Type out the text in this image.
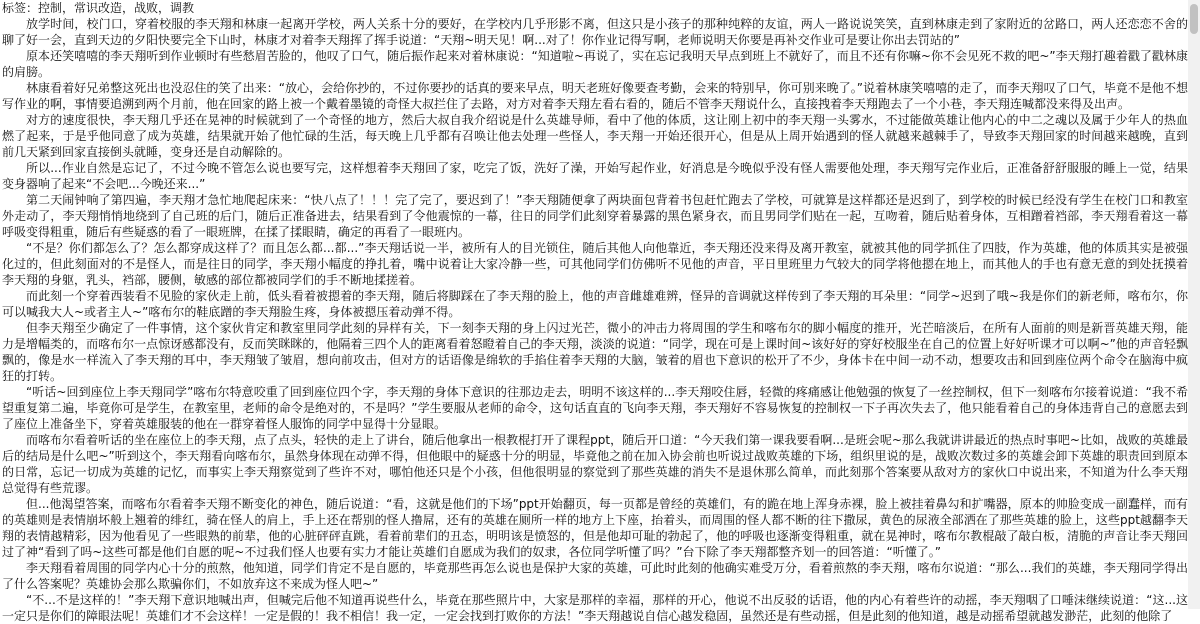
标签：控制，常识改造，战败，调教

放学时间，校门口，穿着校服的李天翔和林康一起离开学校，两人关系十分的要好，在学校内几乎形影不离，但这只是小孩子的那种纯粹的友谊，两人一路说说笑笑，直到林康走到了家附近的岔路口，两人还恋恋不舍的聊了好一会，直到天边的夕阳快要完全下山时，林康才对着李天翔挥了挥手说道：“天翔~明天见！啊...对了！你作业记得写啊，老师说明天你要是再补交作业可是要让你出去罚站的”

原本还笑嘻嘻的李天翔听到作业顿时有些愁眉苦脸的，他叹了口气，随后振作起来对着林康说：“知道啦~再说了，实在忘记我明天早点到班上不就好了，而且不还有你嘛~你不会见死不救的吧~”李天翔打趣着戳了戳林康的肩膀。

林康看着好兄弟整这死出也没忍住的笑了出来：“放心，会给你抄的，不过你要抄的话真的要来早点，明天老班好像要查考勤，会来的特别早，你可别来晚了。”说着林康笑嘻嘻的走了，而李天翔叹了口气，毕竟不是他不想写作业的啊，事情要追溯到两个月前，他在回家的路上被一个戴着墨镜的奇怪大叔拦住了去路，对方对着李天翔左看右看的，随后不管李天翔说什么，直接拽着李天翔跑去了一个小巷，李天翔连喊都没来得及出声。

对方的速度很快，李天翔几乎还在晃神的时候就到了一个奇怪的地方，然后大叔自我介绍说是什么英雄导师，看中了他的体质，这让刚上初中的李天翔一头雾水，不过能做英雄让他内心的中二之魂以及属于少年人的热血燃了起来，于是乎他同意了成为英雄，结果就开始了他忙碌的生活，每天晚上几乎都有召唤让他去处理一些怪人，李天翔一开始还很开心，但是从上周开始遇到的怪人就越来越棘手了，导致李天翔回家的时间越来越晚，直到前几天紧到回家直接倒头就睡，变身还是自动解除的。

所以...作业自然是忘记了，不过今晚不管怎么说也要写完，这样想着李天翔回了家，吃完了饭，洗好了澡，开始写起作业，好消息是今晚似乎没有怪人需要他处理，李天翔写完作业后，正准备舒舒服服的睡上一觉，结果变身器响了起来“不会吧...今晚还来...”

第二天闹钟响了第四遍，李天翔才急忙地爬起床来：“快八点了！！！完了完了，要迟到了！”李天翔随便拿了两块面包背着书包赶忙跑去了学校，可就算是这样都还是迟到了，到学校的时候已经没有学生在校门口和教室外走动了，李天翔悄悄地绕到了自己班的后门，随后正准备进去，结果看到了令他震惊的一幕，往日的同学们此刻穿着暴露的黑色紧身衣，而且男同学们贴在一起，互吻着，随后贴着身体，互相蹭着裆部，李天翔看着这一幕呼吸变得粗重，随后有些疑惑的看了一眼班牌，在揉了揉眼睛，确定的再看了一眼班内。

“不是？你们都怎么了？怎么都穿成这样了？而且怎么都...都...”李天翔话说一半，被所有人的目光锁住，随后其他人向他靠近，李天翔还没来得及离开教室，就被其他的同学抓住了四肢，作为英雄，他的体质其实是被强化过的，但此刻面对的不是怪人，而是往日的同学，李天翔小幅度的挣扎着，嘴中说着让大家冷静一些，可其他同学们仿佛听不见他的声音，平日里班里力气较大的同学将他摁在地上，而其他人的手也有意无意的到处抚摸着李天翔的身躯，乳头，裆部，腰侧，敏感的部位都被同学们的手不断地揉搓着。

而此刻一个穿着西装看不见脸的家伙走上前，低头看着被摁着的李天翔，随后将脚踩在了李天翔的脸上，他的声音雌雄难辨，怪异的音调就这样传到了李天翔的耳朵里：“同学~迟到了哦~我是你们的新老师，喀布尔，你可以喊我大人~或者主人~”喀布尔的鞋底蹭的李天翔脸生疼，身体被摁压着动弹不得。

但李天翔至少确定了一件事情，这个家伙肯定和教室里同学此刻的异样有关，下一刻李天翔的身上闪过光芒，微小的冲击力将周围的学生和喀布尔的脚小幅度的推开，光芒暗淡后，在所有人面前的则是新晋英雄天翔，能力是增幅类的，而喀布尔一点惊讶感都没有，反而笑眯眯的，他隔着三四个人的距离看着怒瞪着自己的李天翔，淡淡的说道：“同学，现在可是上课时间~该好好的穿好校服坐在自己的位置上好好听课才可以啊~”他的声音轻飘飘的，像是水一样流入了李天翔的耳中，李天翔皱了皱眉，想向前攻击，但对方的话语像是绵软的手掐住着李天翔的大脑，皱着的眉也下意识的松开了不少，身体卡在中间一动不动，想要攻击和回到座位两个命令在脑海中疯狂的打转。

“听话~回到座位上李天翔同学”喀布尔特意咬重了回到座位四个字，李天翔的身体下意识的往那边走去，明明不该这样的...李天翔咬住唇，轻微的疼痛感让他勉强的恢复了一丝控制权，但下一刻喀布尔接着说道：“我不希望重复第二遍，毕竟你可是学生，在教室里，老师的命令是绝对的，不是吗？”学生要服从老师的命令，这句话直直的飞向李天翔，李天翔好不容易恢复的控制权一下子再次失去了，他只能看着自己的身体违背自己的意愿去到了座位上准备坐下，穿着英雄服装的他在一群穿着怪人服饰的同学中显得十分显眼。

而喀布尔看着听话的坐在座位上的李天翔，点了点头，轻快的走上了讲台，随后他拿出一根教棍打开了课程ppt，随后开口道：“今天我们第一课我要看啊...是班会呢~那么我就讲讲最近的热点时事吧~比如，战败的英雄最后的结局是什么吧~”听到这个，李天翔看向喀布尔，虽然身体现在动弹不得，但他眼中的疑惑十分的明显，毕竟他之前在加入协会前也听说过战败英雄的下场，组织里说的是，战败次数过多的英雄会卸下英雄的职责回到原本的日常，忘记一切成为英雄的记忆，而事实上李天翔察觉到了些许不对，哪怕他还只是个小孩，但他很明显的察觉到了那些英雄的消失不是退休那么简单，而此刻那个答案要从敌对方的家伙口中说出来，不知道为什么李天翔总觉得有些荒谬。

但...他渴望答案，而喀布尔看着李天翔不断变化的神色，随后说道：“看，这就是他们的下场”ppt开始翻页，每一页都是曾经的英雄们，有的跪在地上浑身赤裸，脸上被挂着鼻勾和扩嘴器，原本的帅脸变成一副蠢样，而有的英雄则是表情崩坏般上翘着的绯红，骑在怪人的肩上，手上还在帮别的怪人撸屌，还有的英雄在厕所一样的地方上下座，抬着头，而周围的怪人都不断的往下撒尿，黄色的尿液全部洒在了那些英雄的脸上，这些ppt越翻李天翔的表情越精彩，因为他看见了一些眼熟的前辈，他的心脏砰砰直跳，看着前辈们的丑态，明明该是愤怒的，但是他却可耻的勃起了，他的呼吸也逐渐变得粗重，就在晃神时，喀布尔教棍敲了敲白板，清脆的声音让李天翔回过了神“看到了吗~这些可都是他们自愿的呢~不过我们怪人也要有实力才能让英雄们自愿成为我们的奴隶，各位同学听懂了吗？”台下除了李天翔都整齐划一的回答道：“听懂了。”

李天翔看着周围的同学内心十分的煎熬，他知道，同学们肯定不是自愿的，毕竟那些再怎么说也是保护大家的英雄，可此时此刻的他确实难受万分，看着煎熬的李天翔，喀布尔说道：“那么...我们的英雄，李天翔同学得出了什么答案呢？英雄协会那么欺骗你们，不如放弃这不来成为怪人吧~”

“不...不是这样的！”李天翔下意识地喊出声，但喊完后他不知道再说些什么，毕竟在那些照片中，大家是那样的幸福，那样的开心，他说不出反驳的话语，他的内心有着些许的动摇，李天翔咽了口唾沫继续说道：“这...这一定只是你们的障眼法呢！英雄们才不会这样！一定是假的！我不相信！我一定，一定会找到打败你的方法！”李天翔越说自信心越发稳固，虽然还是有些动摇，但是此刻的他知道，越是动摇希望就越发渺茫，此刻的他除了
